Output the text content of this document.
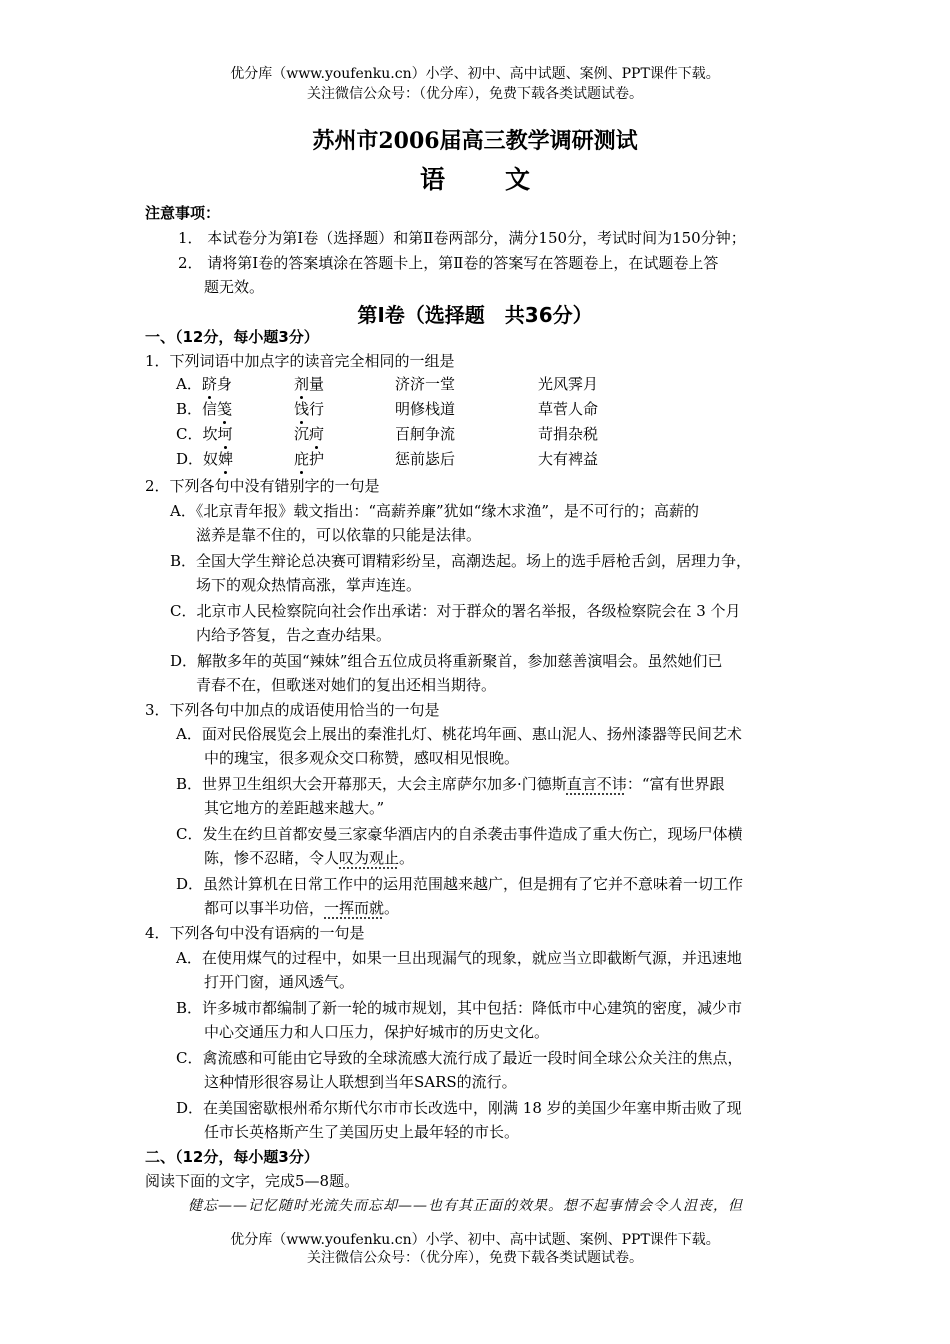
优分库（www.youfenku.cn）小学、初中、高中试题、案例、PPT课件下载。
关注微信公众号：（优分库），免费下载各类试题试卷。
苏州市2006届高三教学调研测试
语文
注意事项：
1． 本试卷分为第Ⅰ卷（选择题）和第Ⅱ卷两部分，满分150分，考试时间为150分钟；
2． 请将第Ⅰ卷的答案填涂在答题卡上，第Ⅱ卷的答案写在答题卷上，在试题卷上答
题无效。
第Ⅰ卷（选择题　共36分）
一、（12分，每小题3分）
1．下列词语中加点字的读音完全相同的一组是
A．跻身	剂量	济济一堂	光风霁月
B．信笺	饯行	明修栈道	草菅人命
C．坎坷	沉疴	百舸争流	苛捐杂税
D．奴婢	庇护	惩前毖后	大有裨益
2．下列各句中没有错别字的一句是
A．《北京青年报》载文指出：“高薪养廉”犹如“缘木求渔”，是不可行的；高薪的
滋养是靠不住的，可以依靠的只能是法律。
B．全国大学生辩论总决赛可谓精彩纷呈，高潮迭起。场上的选手唇枪舌剑，居理力争，
场下的观众热情高涨，掌声连连。
C．北京市人民检察院向社会作出承诺：对于群众的署名举报，各级检察院会在 3 个月
内给予答复，告之查办结果。
D．解散多年的英国“辣妹”组合五位成员将重新聚首，参加慈善演唱会。虽然她们已
青春不在，但歌迷对她们的复出还相当期待。
3．下列各句中加点的成语使用恰当的一句是
A．面对民俗展览会上展出的秦淮扎灯、桃花坞年画、惠山泥人、扬州漆器等民间艺术
中的瑰宝，很多观众交口称赞，感叹相见恨晚。
B．世界卫生组织大会开幕那天，大会主席萨尔加多·门德斯直言不讳：“富有世界跟
其它地方的差距越来越大。”
C．发生在约旦首都安曼三家豪华酒店内的自杀袭击事件造成了重大伤亡，现场尸体横
陈，惨不忍睹，令人叹为观止。
D．虽然计算机在日常工作中的运用范围越来越广，但是拥有了它并不意味着一切工作
都可以事半功倍，一挥而就。
4．下列各句中没有语病的一句是
A．在使用煤气的过程中，如果一旦出现漏气的现象，就应当立即截断气源，并迅速地
打开门窗，通风透气。
B．许多城市都编制了新一轮的城市规划，其中包括：降低市中心建筑的密度，减少市
中心交通压力和人口压力，保护好城市的历史文化。
C．禽流感和可能由它导致的全球流感大流行成了最近一段时间全球公众关注的焦点，
这种情形很容易让人联想到当年SARS的流行。
D．在美国密歇根州希尔斯代尔市市长改选中，刚满 18 岁的美国少年塞申斯击败了现
任市长英格斯产生了美国历史上最年轻的市长。
二、（12分，每小题3分）
阅读下面的文字，完成5—8题。
健忘——记忆随时光流失而忘却——也有其正面的效果。想不起事情会令人沮丧，但
优分库（www.youfenku.cn）小学、初中、高中试题、案例、PPT课件下载。
关注微信公众号：（优分库），免费下载各类试题试卷。
